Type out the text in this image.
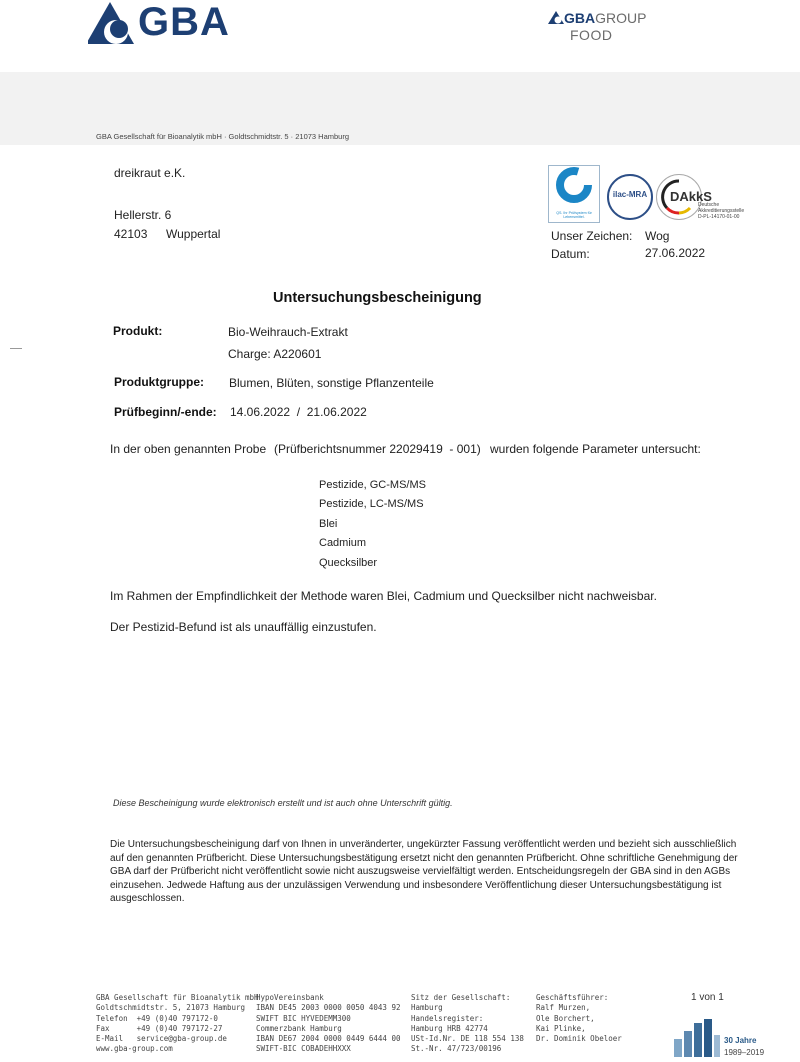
GBA	GBAGROUP
FOOD
GBA Gesellschaft für Bioanalytik mbH · Goldtschmidtstr. 5 · 21073 Hamburg
dreikraut e.K.
Hellerstr. 6
42103 Wuppertal
QS. Ihr Prüfsystem für Lebensmittel.
ilac-MRA DAkkS
Deutsche
Akkreditierungsstelle
D-PL-14170-01-00
Unser Zeichen: Wog
Datum:	27.06.2022
Untersuchungsbescheinigung
Produkt:	Bio-Weihrauch-Extrakt
Charge: A220601
Produktgruppe: Blumen, Blüten, sonstige Pflanzenteile
Prüfbeginn/-ende: 14.06.2022  /  21.06.2022
In der oben genannten Probe (Prüfberichtsnummer 22029419  - 001) wurden folgende Parameter untersucht:
Pestizide, GC-MS/MS
Pestizide, LC-MS/MS
Blei
Cadmium
Quecksilber
Im Rahmen der Empfindlichkeit der Methode waren Blei, Cadmium und Quecksilber nicht nachweisbar.
Der Pestizid-Befund ist als unauffällig einzustufen.
Diese Bescheinigung wurde elektronisch erstellt und ist auch ohne Unterschrift gültig.
Die Untersuchungsbescheinigung darf von Ihnen in unveränderter, ungekürzter Fassung veröffentlicht werden und bezieht sich ausschließlich auf den genannten Prüfbericht. Diese Untersuchungsbestätigung ersetzt nicht den genannten Prüfbericht. Ohne schriftliche Genehmigung der GBA darf der Prüfbericht nicht veröffentlicht sowie nicht auszugsweise vervielfältigt werden. Entscheidungsregeln der GBA sind in den AGBs einzusehen. Jedwede Haftung aus der unzulässigen Verwendung und insbesondere Veröffentlichung dieser Untersuchungsbestätigung ist ausgeschlossen.
GBA Gesellschaft für Bioanalytik mbH
Goldtschmidtstr. 5, 21073 Hamburg
Telefon  +49 (0)40 797172-0
Fax      +49 (0)40 797172-27
E-Mail   service@gba-group.de
www.gba-group.com
HypoVereinsbank
IBAN DE45 2003 0000 0050 4043 92
SWIFT BIC HYVEDEMM300
Commerzbank Hamburg
IBAN DE67 2004 0000 0449 6444 00
SWIFT-BIC COBADEHHXXX
Sitz der Gesellschaft:
Hamburg
Handelsregister:
Hamburg HRB 42774
USt-Id.Nr. DE 118 554 138
St.-Nr. 47/723/00196
Geschäftsführer:
Ralf Murzen,
Ole Borchert,
Kai Plinke,
Dr. Dominik Obeloer
1 von 1
30 Jahre
1989–2019
